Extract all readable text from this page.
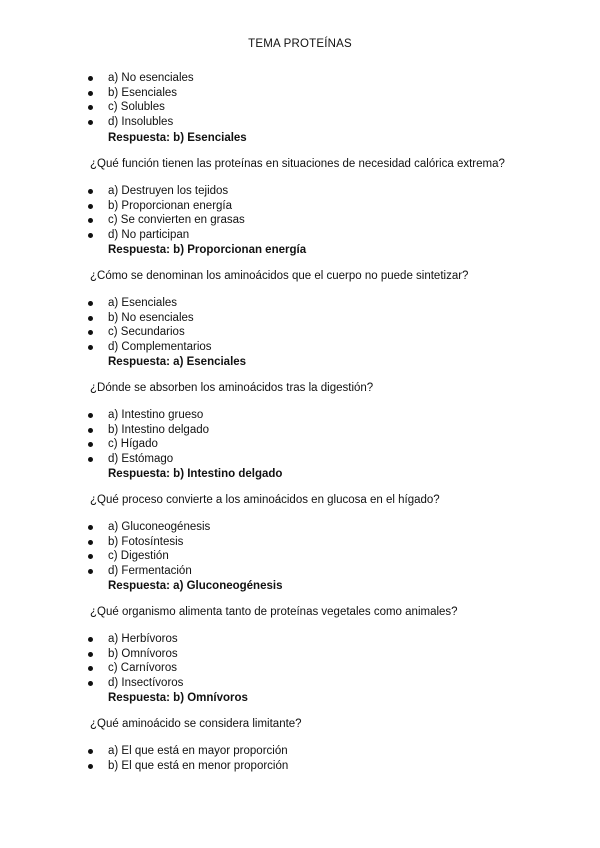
TEMA PROTEÍNAS
a) No esenciales
b) Esenciales
c) Solubles
d) Insolubles
Respuesta: b) Esenciales
¿Qué función tienen las proteínas en situaciones de necesidad calórica extrema?
a) Destruyen los tejidos
b) Proporcionan energía
c) Se convierten en grasas
d) No participan
Respuesta: b) Proporcionan energía
¿Cómo se denominan los aminoácidos que el cuerpo no puede sintetizar?
a) Esenciales
b) No esenciales
c) Secundarios
d) Complementarios
Respuesta: a) Esenciales
¿Dónde se absorben los aminoácidos tras la digestión?
a) Intestino grueso
b) Intestino delgado
c) Hígado
d) Estómago
Respuesta: b) Intestino delgado
¿Qué proceso convierte a los aminoácidos en glucosa en el hígado?
a) Gluconeogénesis
b) Fotosíntesis
c) Digestión
d) Fermentación
Respuesta: a) Gluconeogénesis
¿Qué organismo alimenta tanto de proteínas vegetales como animales?
a) Herbívoros
b) Omnívoros
c) Carnívoros
d) Insectívoros
Respuesta: b) Omnívoros
¿Qué aminoácido se considera limitante?
a) El que está en mayor proporción
b) El que está en menor proporción
